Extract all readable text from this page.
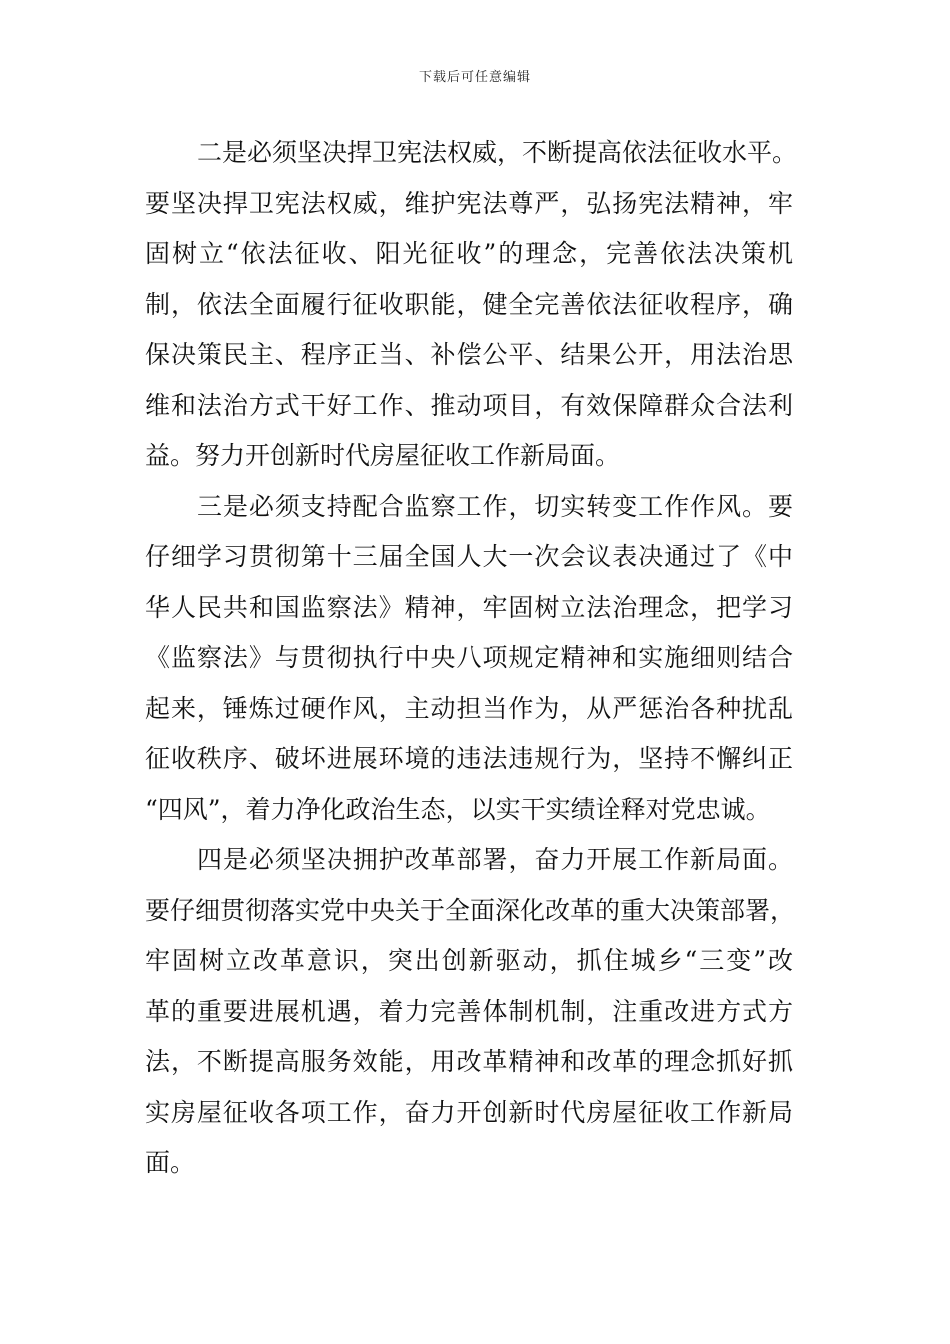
下载后可任意编辑
二是必须坚决捍卫宪法权威，不断提高依法征收水平。
要坚决捍卫宪法权威，维护宪法尊严，弘扬宪法精神，牢
固树立“依法征收、阳光征收”的理念，完善依法决策机
制，依法全面履行征收职能，健全完善依法征收程序，确
保决策民主、程序正当、补偿公平、结果公开，用法治思
维和法治方式干好工作、推动项目，有效保障群众合法利
益。努力开创新时代房屋征收工作新局面。
三是必须支持配合监察工作，切实转变工作作风。要
仔细学习贯彻第十三届全国人大一次会议表决通过了《中
华人民共和国监察法》精神，牢固树立法治理念，把学习
《监察法》与贯彻执行中央八项规定精神和实施细则结合
起来，锤炼过硬作风，主动担当作为，从严惩治各种扰乱
征收秩序、破坏进展环境的违法违规行为，坚持不懈纠正
“四风”，着力净化政治生态，以实干实绩诠释对党忠诚。
四是必须坚决拥护改革部署，奋力开展工作新局面。
要仔细贯彻落实党中央关于全面深化改革的重大决策部署，
牢固树立改革意识，突出创新驱动，抓住城乡“三变”改
革的重要进展机遇，着力完善体制机制，注重改进方式方
法，不断提高服务效能，用改革精神和改革的理念抓好抓
实房屋征收各项工作，奋力开创新时代房屋征收工作新局
面。
